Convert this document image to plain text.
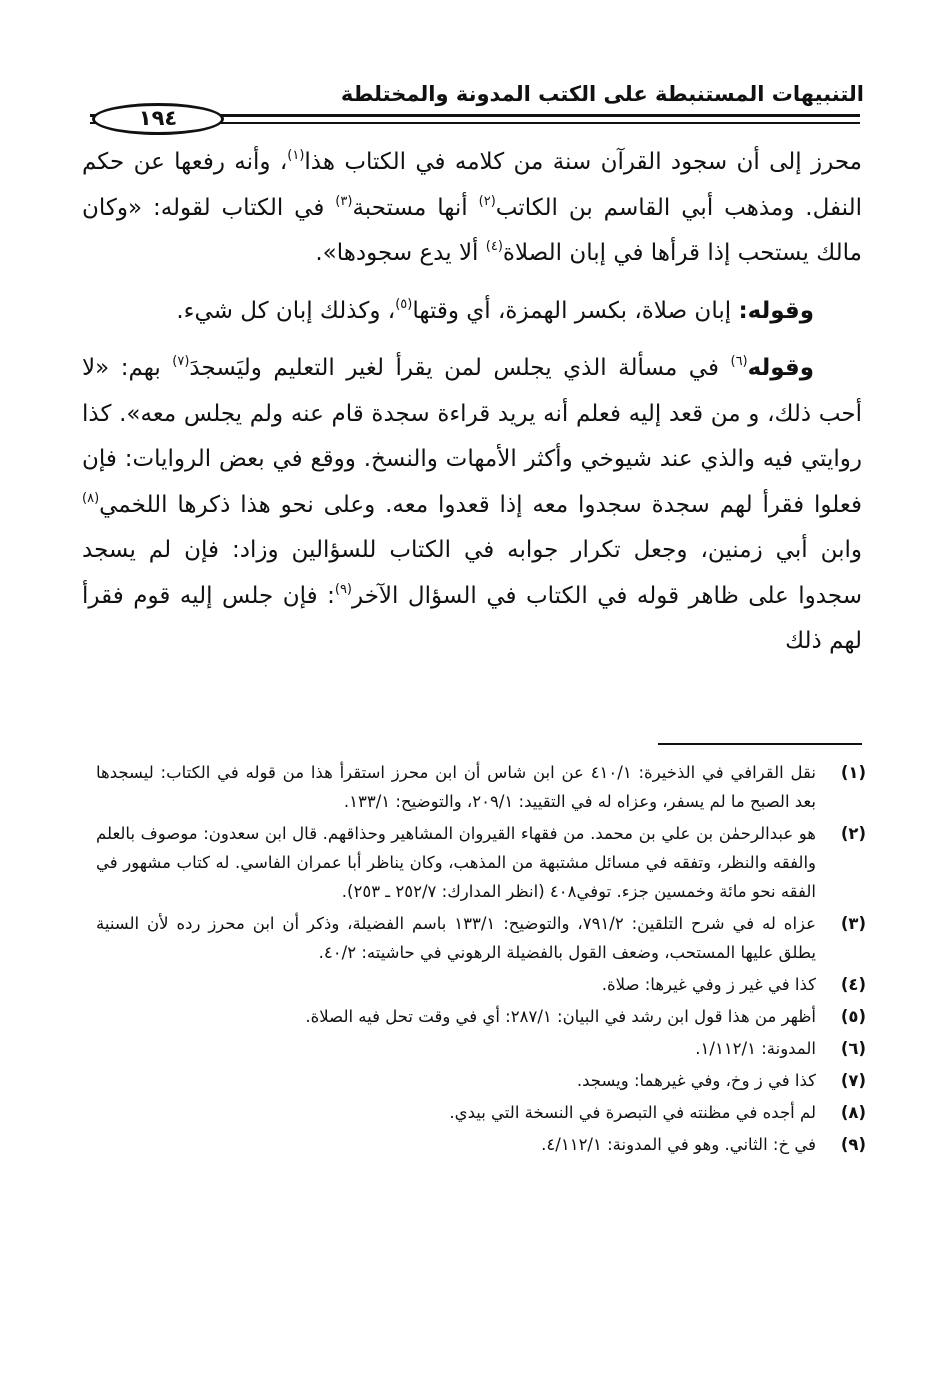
التنبيهات المستنبطة على الكتب المدونة والمختلطة
١٩٤

محرز إلى أن سجود القرآن سنة من كلامه في الكتاب هذا$^{(١)}$، وأنه رفعها عن حكم النفل. ومذهب أبي القاسم بن الكاتب$^{(٢)}$ أنها مستحبة$^{(٣)}$ في الكتاب لقوله: «وكان مالك يستحب إذا قرأها في إبان الصلاة$^{(٤)}$ ألا يدع سجودها».

وقوله: إبان صلاة، بكسر الهمزة، أي وقتها$^{(٥)}$، وكذلك إبان كل شيء.

وقوله$^{(٦)}$ في مسألة الذي يجلس لمن يقرأ لغير التعليم وليَسجدَ$^{(٧)}$ بهم: «لا أحب ذلك، و من قعد إليه فعلم أنه يريد قراءة سجدة قام عنه ولم يجلس معه». كذا روايتي فيه والذي عند شيوخي وأكثر الأمهات والنسخ. ووقع في بعض الروايات: فإن فعلوا فقرأ لهم سجدة سجدوا معه إذا قعدوا معه. وعلى نحو هذا ذكرها اللخمي$^{(٨)}$ وابن أبي زمنين، وجعل تكرار جوابه في الكتاب للسؤالين وزاد: فإن لم يسجد سجدوا على ظاهر قوله في الكتاب في السؤال الآخر$^{(٩)}$: فإن جلس إليه قوم فقرأ لهم ذلك

(١)
نقل القرافي في الذخيرة: ٤١٠/١ عن ابن شاس أن ابن محرز استقرأ هذا من قوله في الكتاب: ليسجدها بعد الصبح ما لم يسفر، وعزاه له في التقييد: ٢٠٩/١، والتوضيح: ١٣٣/١.
(٢)
هو عبدالرحمٰن بن علي بن محمد. من فقهاء القيروان المشاهير وحذاقهم. قال ابن سعدون: موصوف بالعلم والفقه والنظر، وتفقه في مسائل مشتبهة من المذهب، وكان يناظر أبا عمران الفاسي. له كتاب مشهور في الفقه نحو مائة وخمسين جزء. توفي٤٠٨ (انظر المدارك: ٢٥٢/٧ ـ ٢٥٣).
(٣)
عزاه له في شرح التلقين: ٧٩١/٢، والتوضيح: ١٣٣/١ باسم الفضيلة، وذكر أن ابن محرز رده لأن السنية يطلق عليها المستحب، وضعف القول بالفضيلة الرهوني في حاشيته: ٤٠/٢.
(٤)
كذا في غير ز وفي غيرها: صلاة.
(٥)
أظهر من هذا قول ابن رشد في البيان: ٢٨٧/١: أي في وقت تحل فيه الصلاة.
(٦)
المدونة: ١/١١٢/١.
(٧)
كذا في ز وخ، وفي غيرهما: ويسجد.
(٨)
لم أجده في مظنته في التبصرة في النسخة التي بيدي.
(٩)
في خ: الثاني. وهو في المدونة: ٤/١١٢/١.
